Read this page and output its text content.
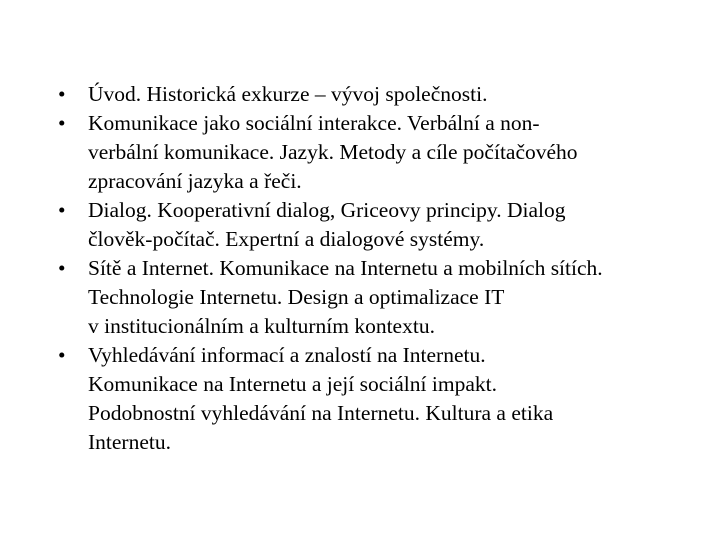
•	Úvod. Historická exkurze – vývoj společnosti.
•	Komunikace jako sociální interakce. Verbální a non-
verbální komunikace. Jazyk. Metody a cíle počítačového
zpracování jazyka a řeči.
•	Dialog. Kooperativní dialog, Griceovy principy. Dialog
člověk-počítač. Expertní a dialogové systémy.
•	Sítě a Internet. Komunikace na Internetu a mobilních sítích.
Technologie Internetu. Design a optimalizace IT
v institucionálním a kulturním kontextu.
•	Vyhledávání informací a znalostí na Internetu.
Komunikace na Internetu a její sociální impakt.
Podobnostní vyhledávání na Internetu. Kultura a etika
Internetu.
